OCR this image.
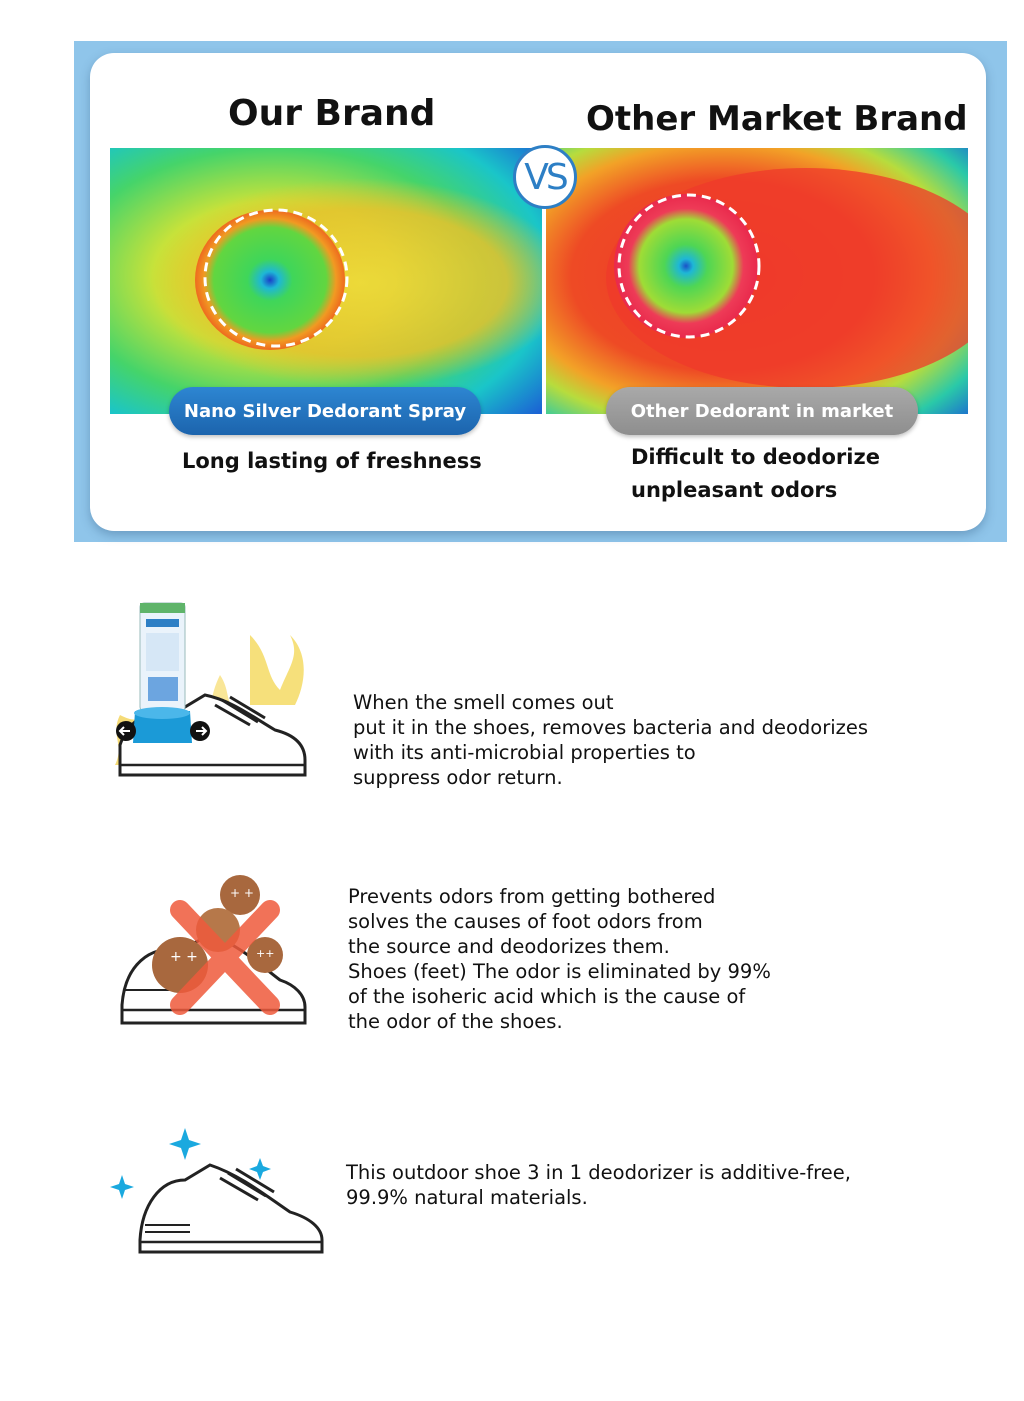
Our Brand	Other Market Brand
VS
Nano Silver Dedorant Spray	Other Dedorant in market
Long lasting of freshness	Difficult to deodorize
unpleasant odors
When the smell comes out
put it in the shoes, removes bacteria and deodorizes
with its anti-microbial properties to
suppress odor return.
+ +
+ +
++
Prevents odors from getting bothered
solves the causes of foot odors from
the source and deodorizes them.
Shoes (feet) The odor is eliminated by 99%
of the isoheric acid which is the cause of
the odor of the shoes.
This outdoor shoe 3 in 1 deodorizer is additive-free,
99.9% natural materials.
